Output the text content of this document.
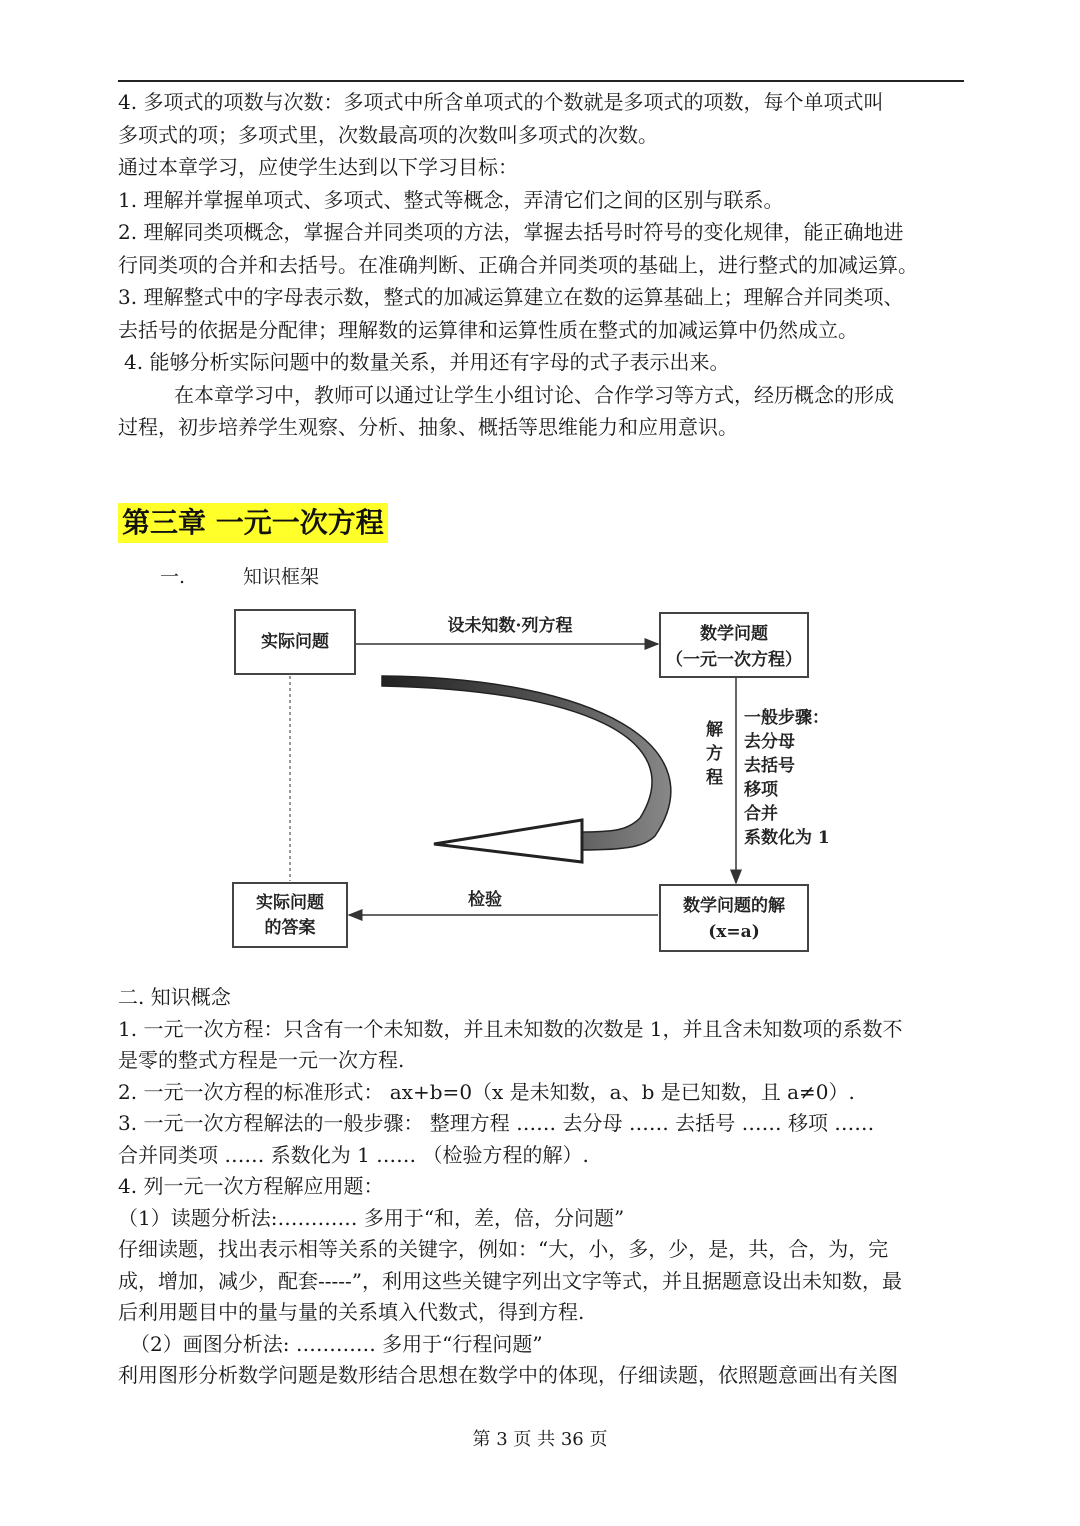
4. 多项式的项数与次数：多项式中所含单项式的个数就是多项式的项数，每个单项式叫

多项式的项；多项式里，次数最高项的次数叫多项式的次数。

通过本章学习，应使学生达到以下学习目标：

1. 理解并掌握单项式、多项式、整式等概念，弄清它们之间的区别与联系。

2. 理解同类项概念，掌握合并同类项的方法，掌握去括号时符号的变化规律，能正确地进

行同类项的合并和去括号。在准确判断、正确合并同类项的基础上，进行整式的加减运算。

3. 理解整式中的字母表示数，整式的加减运算建立在数的运算基础上；理解合并同类项、

去括号的依据是分配律；理解数的运算律和运算性质在整式的加减运算中仍然成立。

4. 能够分析实际问题中的数量关系，并用还有字母的式子表示出来。

在本章学习中，教师可以通过让学生小组讨论、合作学习等方式，经历概念的形成

过程，初步培养学生观察、分析、抽象、概括等思维能力和应用意识。

第三章 一元一次方程
一.	知识框架
实际问题	数学问题
（一元一次方程）
实际问题
的答案
数学问题的解
(x=a)
设未知数·列方程
检验
解
方
程
一般步骤：
去分母
去括号
移项
合并
系数化为 1

二. 知识概念

1. 一元一次方程：只含有一个未知数，并且未知数的次数是 1，并且含未知数项的系数不

是零的整式方程是一元一次方程.

2. 一元一次方程的标准形式： ax+b=0（x 是未知数，a、b 是已知数，且 a≠0）.

3. 一元一次方程解法的一般步骤： 整理方程 …… 去分母 …… 去括号 …… 移项 ……

合并同类项 …… 系数化为 1 …… （检验方程的解）.

4. 列一元一次方程解应用题：

（1）读题分析法:………… 多用于“和，差，倍，分问题”

仔细读题，找出表示相等关系的关键字，例如：“大，小，多，少，是，共，合，为，完

成，增加，减少，配套-----”，利用这些关键字列出文字等式，并且据题意设出未知数，最

后利用题目中的量与量的关系填入代数式，得到方程.

（2）画图分析法: ………… 多用于“行程问题”

利用图形分析数学问题是数形结合思想在数学中的体现，仔细读题，依照题意画出有关图

第 3 页 共 36 页
